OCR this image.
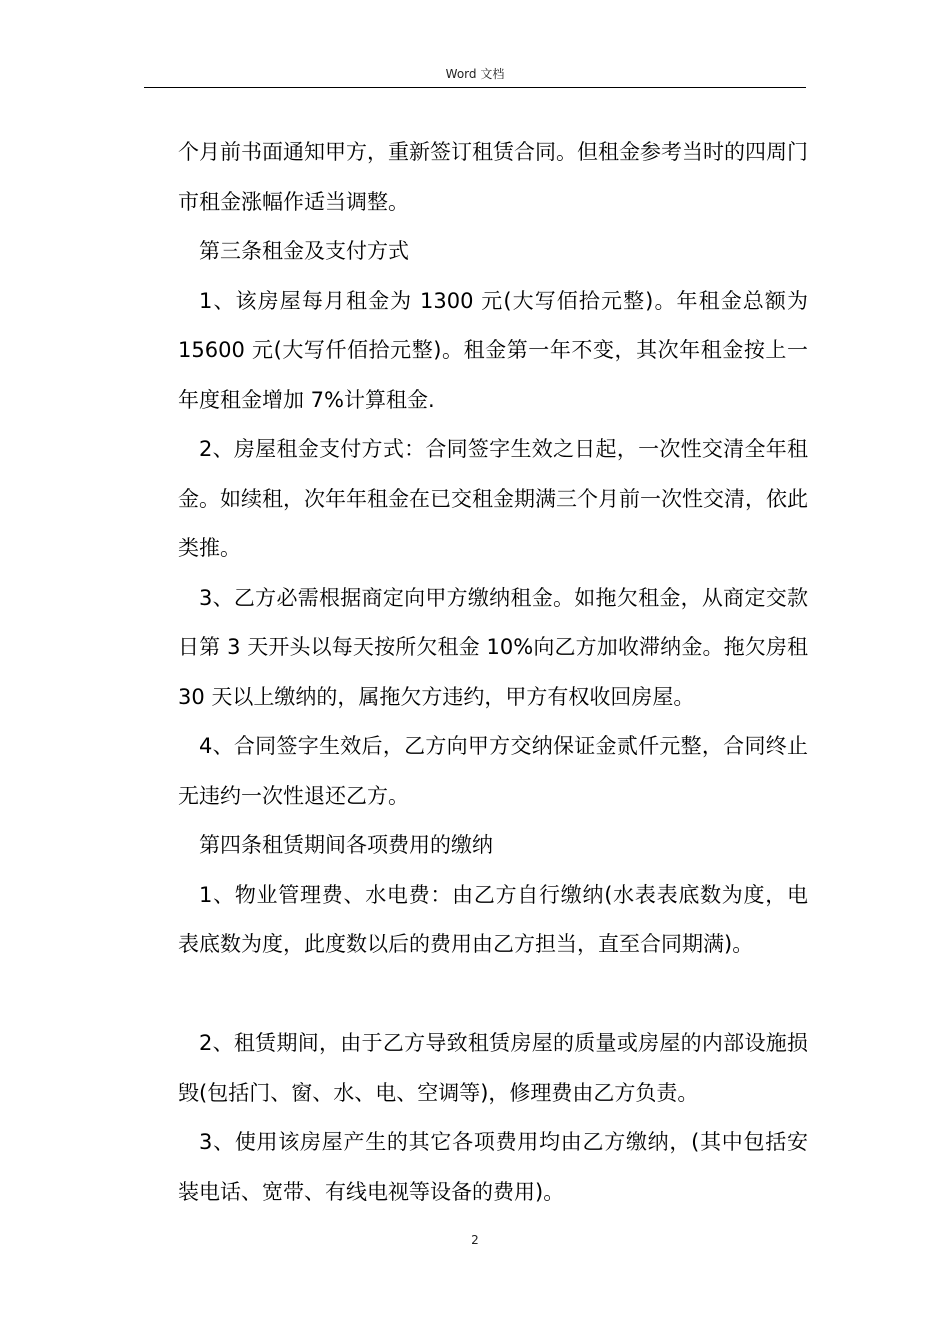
Word 文档

个月前书面通知甲方，重新签订租赁合同。但租金参考当时的四周门市租金涨幅作适当调整。

第三条租金及支付方式

1、该房屋每月租金为 1300 元(大写佰拾元整)。年租金总额为 15600 元(大写仟佰拾元整)。租金第一年不变，其次年租金按上一年度租金增加 7%计算租金.

2、房屋租金支付方式：合同签字生效之日起，一次性交清全年租金。如续租，次年年租金在已交租金期满三个月前一次性交清，依此类推。

3、乙方必需根据商定向甲方缴纳租金。如拖欠租金，从商定交款日第 3 天开头以每天按所欠租金 10%向乙方加收滞纳金。拖欠房租 30 天以上缴纳的，属拖欠方违约，甲方有权收回房屋。

4、合同签字生效后，乙方向甲方交纳保证金贰仟元整，合同终止无违约一次性退还乙方。

第四条租赁期间各项费用的缴纳

1、物业管理费、水电费：由乙方自行缴纳(水表表底数为度，电表底数为度，此度数以后的费用由乙方担当，直至合同期满)。

2、租赁期间，由于乙方导致租赁房屋的质量或房屋的内部设施损毁(包括门、窗、水、电、空调等)，修理费由乙方负责。

3、使用该房屋产生的其它各项费用均由乙方缴纳，(其中包括安装电话、宽带、有线电视等设备的费用)。

2
